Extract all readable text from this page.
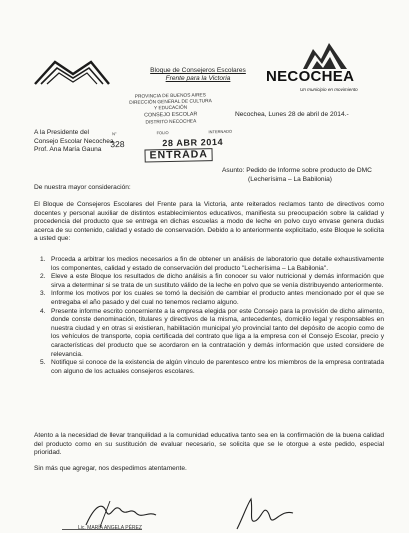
Bloque de Consejeros Escolares
Frente para la Victoria	NECOCHEA
Un municipio en movimiento
PROVINCIA DE BUENOS AIRES
DIRECCIÓN GENERAL DE CULTURA
Y EDUCACIÓN
CONSEJO ESCOLAR
DISTRITO NECOCHEA
N°	FOLIO	INTERNADO
328	28 ABR 2014
ENTRADA
Necochea, Lunes 28 de abril de 2014.-
A la Presidente del
Consejo Escolar Necochea
Prof. Ana María Gauna
Asunto: Pedido de Informe sobre producto de DMC
(Lecherísima – La Babilonia)
De nuestra mayor consideración:
El Bloque de Consejeros Escolares del Frente para la Victoria, ante reiterados reclamos tanto de directivos como docentes y personal auxiliar de distintos establecimientos educativos, manifiesta su preocupación sobre la calidad y procedencia del producto que se entrega en dichas escuelas a modo de leche en polvo cuyo envase genera dudas acerca de su contenido, calidad y estado de conservación. Debido a lo anteriormente explicitado, este Bloque le solicita a usted que:
1. Proceda a arbitrar los medios necesarios a fin de obtener un análisis de laboratorio que detalle exhaustivamente los componentes, calidad y estado de conservación del producto "Lecherísima – La Babilonia".
2. Eleve a este Bloque los resultados de dicho análisis a fin conocer su valor nutricional y demás información que sirva a determinar si se trata de un sustituto válido de la leche en polvo que se venía distribuyendo anteriormente.
3. Informe los motivos por los cuales se tomó la decisión de cambiar el producto antes mencionado por el que se entregaba el año pasado y del cual no tenemos reclamo alguno.
4. Presente informe escrito concerniente a la empresa elegida por este Consejo para la provisión de dicho alimento, donde conste denominación, titulares y directivos de la misma, antecedentes, domicilio legal y responsables en nuestra ciudad y en otras si existieran, habilitación municipal y/o provincial tanto del depósito de acopio como de los vehículos de transporte, copia certificada del contrato que liga a la empresa con el Consejo Escolar, precio y características del producto que se acordaron en la contratación y demás información que usted considere de relevancia.
5. Notifique si conoce de la existencia de algún vínculo de parentesco entre los miembros de la empresa contratada con alguno de los actuales consejeros escolares.
Atento a la necesidad de llevar tranquilidad a la comunidad educativa tanto sea en la confirmación de la buena calidad del producto como en su sustitución de evaluar necesario, se solicita que se le otorgue a este pedido, especial prioridad.
Sin más que agregar, nos despedimos atentamente.
Lic. MARÍA ANGELA PÉREZ
